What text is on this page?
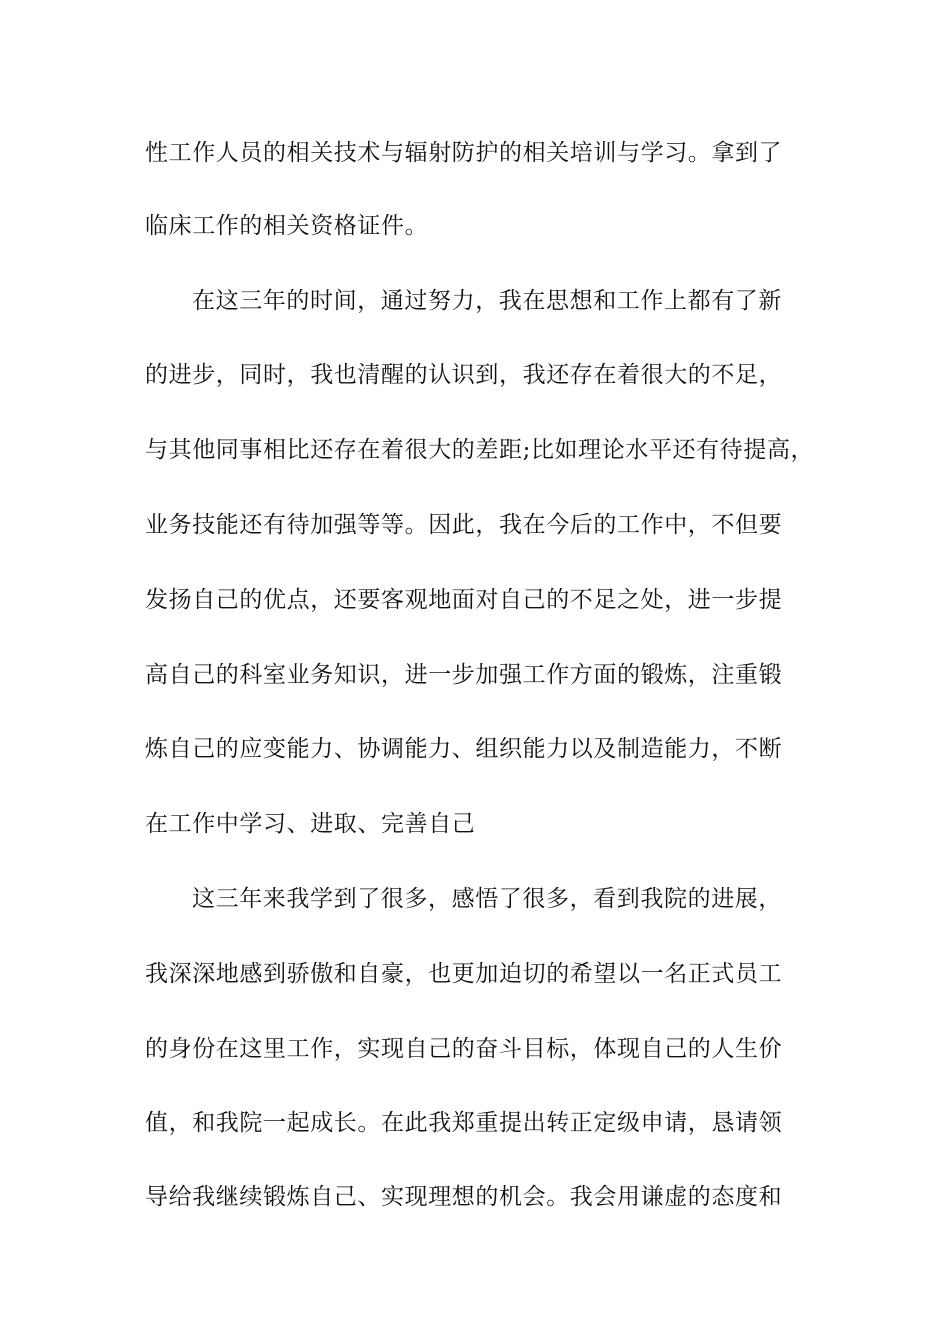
性工作人员的相关技术与辐射防护的相关培训与学习。拿到了
临床工作的相关资格证件。
在这三年的时间，通过努力，我在思想和工作上都有了新
的进步，同时，我也清醒的认识到，我还存在着很大的不足，
与其他同事相比还存在着很大的差距;比如理论水平还有待提高，
业务技能还有待加强等等。因此，我在今后的工作中，不但要
发扬自己的优点，还要客观地面对自己的不足之处，进一步提
高自己的科室业务知识，进一步加强工作方面的锻炼，注重锻
炼自己的应变能力、协调能力、组织能力以及制造能力，不断
在工作中学习、进取、完善自己
这三年来我学到了很多，感悟了很多，看到我院的进展，
我深深地感到骄傲和自豪，也更加迫切的希望以一名正式员工
的身份在这里工作，实现自己的奋斗目标，体现自己的人生价
值，和我院一起成长。在此我郑重提出转正定级申请，恳请领
导给我继续锻炼自己、实现理想的机会。我会用谦虚的态度和
